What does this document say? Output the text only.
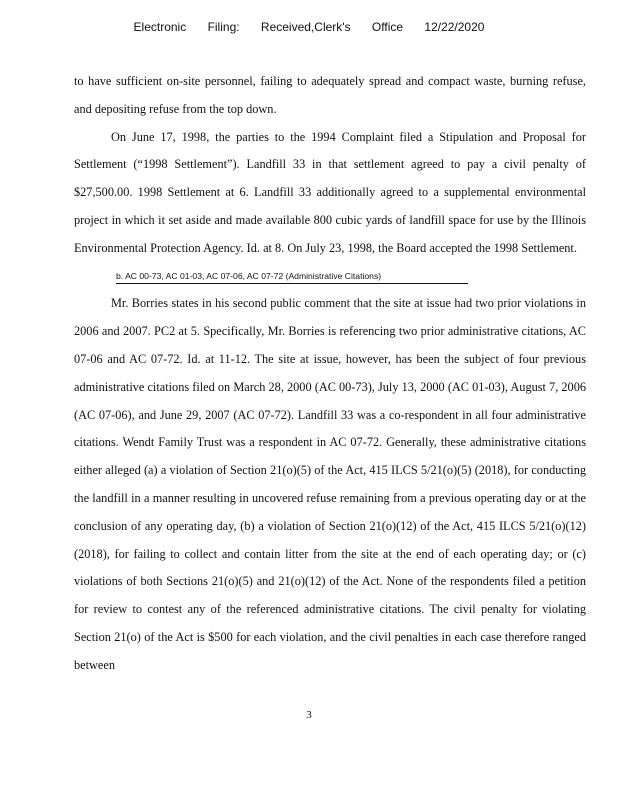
Electronic Filing: Received,Clerk's Office 12/22/2020

to have sufficient on-site personnel, failing to adequately spread and compact waste, burning refuse, and depositing refuse from the top down.

On June 17, 1998, the parties to the 1994 Complaint filed a Stipulation and Proposal for Settlement (“1998 Settlement”). Landfill 33 in that settlement agreed to pay a civil penalty of $27,500.00. 1998 Settlement at 6. Landfill 33 additionally agreed to a supplemental environmental project in which it set aside and made available 800 cubic yards of landfill space for use by the Illinois Environmental Protection Agency. Id. at 8. On July 23, 1998, the Board accepted the 1998 Settlement.

b. AC 00-73, AC 01-03, AC 07-06, AC 07-72 (Administrative Citations)

Mr. Borries states in his second public comment that the site at issue had two prior violations in 2006 and 2007. PC2 at 5. Specifically, Mr. Borries is referencing two prior administrative citations, AC 07-06 and AC 07-72. Id. at 11-12. The site at issue, however, has been the subject of four previous administrative citations filed on March 28, 2000 (AC 00-73), July 13, 2000 (AC 01-03), August 7, 2006 (AC 07-06), and June 29, 2007 (AC 07-72). Landfill 33 was a co-respondent in all four administrative citations. Wendt Family Trust was a respondent in AC 07-72. Generally, these administrative citations either alleged (a) a violation of Section 21(o)(5) of the Act, 415 ILCS 5/21(o)(5) (2018), for conducting the landfill in a manner resulting in uncovered refuse remaining from a previous operating day or at the conclusion of any operating day, (b) a violation of Section 21(o)(12) of the Act, 415 ILCS 5/21(o)(12) (2018), for failing to collect and contain litter from the site at the end of each operating day; or (c) violations of both Sections 21(o)(5) and 21(o)(12) of the Act. None of the respondents filed a petition for review to contest any of the referenced administrative citations. The civil penalty for violating Section 21(o) of the Act is $500 for each violation, and the civil penalties in each case therefore ranged between

3
